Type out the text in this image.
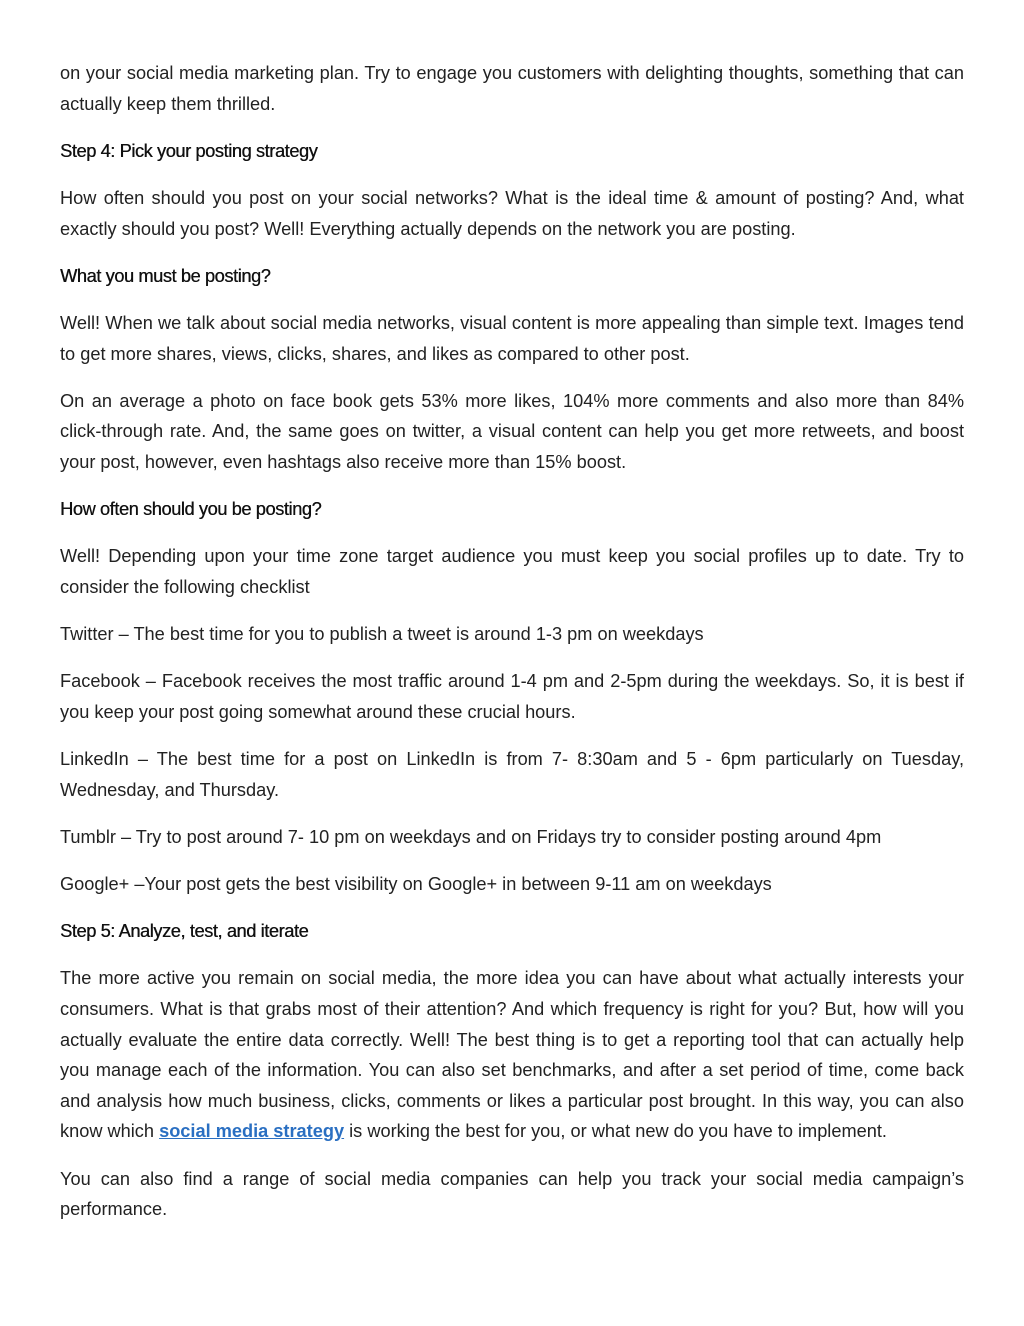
on your social media marketing plan. Try to engage you customers with delighting thoughts, something that can actually keep them thrilled.

Step 4: Pick your posting strategy

How often should you post on your social networks? What is the ideal time & amount of posting? And, what exactly should you post? Well! Everything actually depends on the network you are posting.

What you must be posting?

Well! When we talk about social media networks, visual content is more appealing than simple text. Images tend to get more shares, views, clicks, shares, and likes as compared to other post.

On an average a photo on face book gets 53% more likes, 104% more comments and also more than 84% click-through rate. And, the same goes on twitter, a visual content can help you get more retweets, and boost your post, however, even hashtags also receive more than 15% boost.

How often should you be posting?

Well! Depending upon your time zone target audience you must keep you social profiles up to date. Try to consider the following checklist

Twitter – The best time for you to publish a tweet is around 1-3 pm on weekdays

Facebook – Facebook receives the most traffic around 1-4 pm and 2-5pm during the weekdays. So, it is best if you keep your post going somewhat around these crucial hours.

LinkedIn – The best time for a post on LinkedIn is from 7- 8:30am and 5 - 6pm particularly on Tuesday, Wednesday, and Thursday.

Tumblr – Try to post around 7- 10 pm on weekdays and on Fridays try to consider posting around 4pm

Google+ –Your post gets the best visibility on Google+ in between 9-11 am on weekdays

Step 5: Analyze, test, and iterate

The more active you remain on social media, the more idea you can have about what actually interests your consumers. What is that grabs most of their attention? And which frequency is right for you? But, how will you actually evaluate the entire data correctly. Well! The best thing is to get a reporting tool that can actually help you manage each of the information. You can also set benchmarks, and after a set period of time, come back and analysis how much business, clicks, comments or likes a particular post brought. In this way, you can also know which social media strategy is working the best for you, or what new do you have to implement.

You can also find a range of social media companies can help you track your social media campaign’s performance.
